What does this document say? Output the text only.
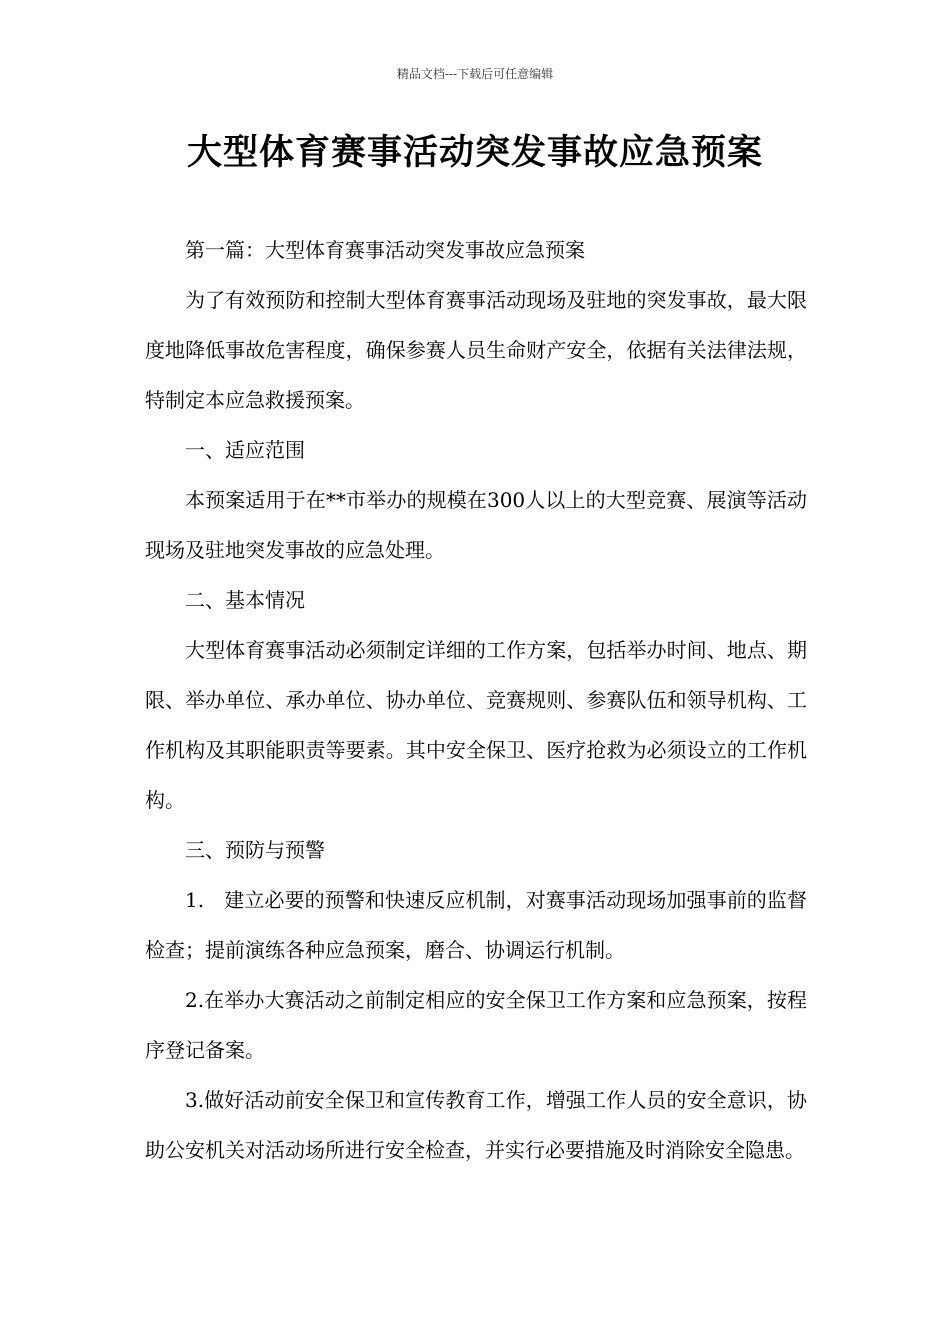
精品文档---下载后可任意编辑
大型体育赛事活动突发事故应急预案

第一篇：大型体育赛事活动突发事故应急预案

为了有效预防和控制大型体育赛事活动现场及驻地的突发事故，最大限度地降低事故危害程度，确保参赛人员生命财产安全，依据有关法律法规，特制定本应急救援预案。

一、适应范围

本预案适用于在**市举办的规模在300人以上的大型竞赛、展演等活动现场及驻地突发事故的应急处理。

二、基本情况

大型体育赛事活动必须制定详细的工作方案，包括举办时间、地点、期限、举办单位、承办单位、协办单位、竞赛规则、参赛队伍和领导机构、工作机构及其职能职责等要素。其中安全保卫、医疗抢救为必须设立的工作机构。

三、预防与预警

1.　建立必要的预警和快速反应机制，对赛事活动现场加强事前的监督检查；提前演练各种应急预案，磨合、协调运行机制。

2.在举办大赛活动之前制定相应的安全保卫工作方案和应急预案，按程序登记备案。

3.做好活动前安全保卫和宣传教育工作，增强工作人员的安全意识，协助公安机关对活动场所进行安全检查，并实行必要措施及时消除安全隐患。
